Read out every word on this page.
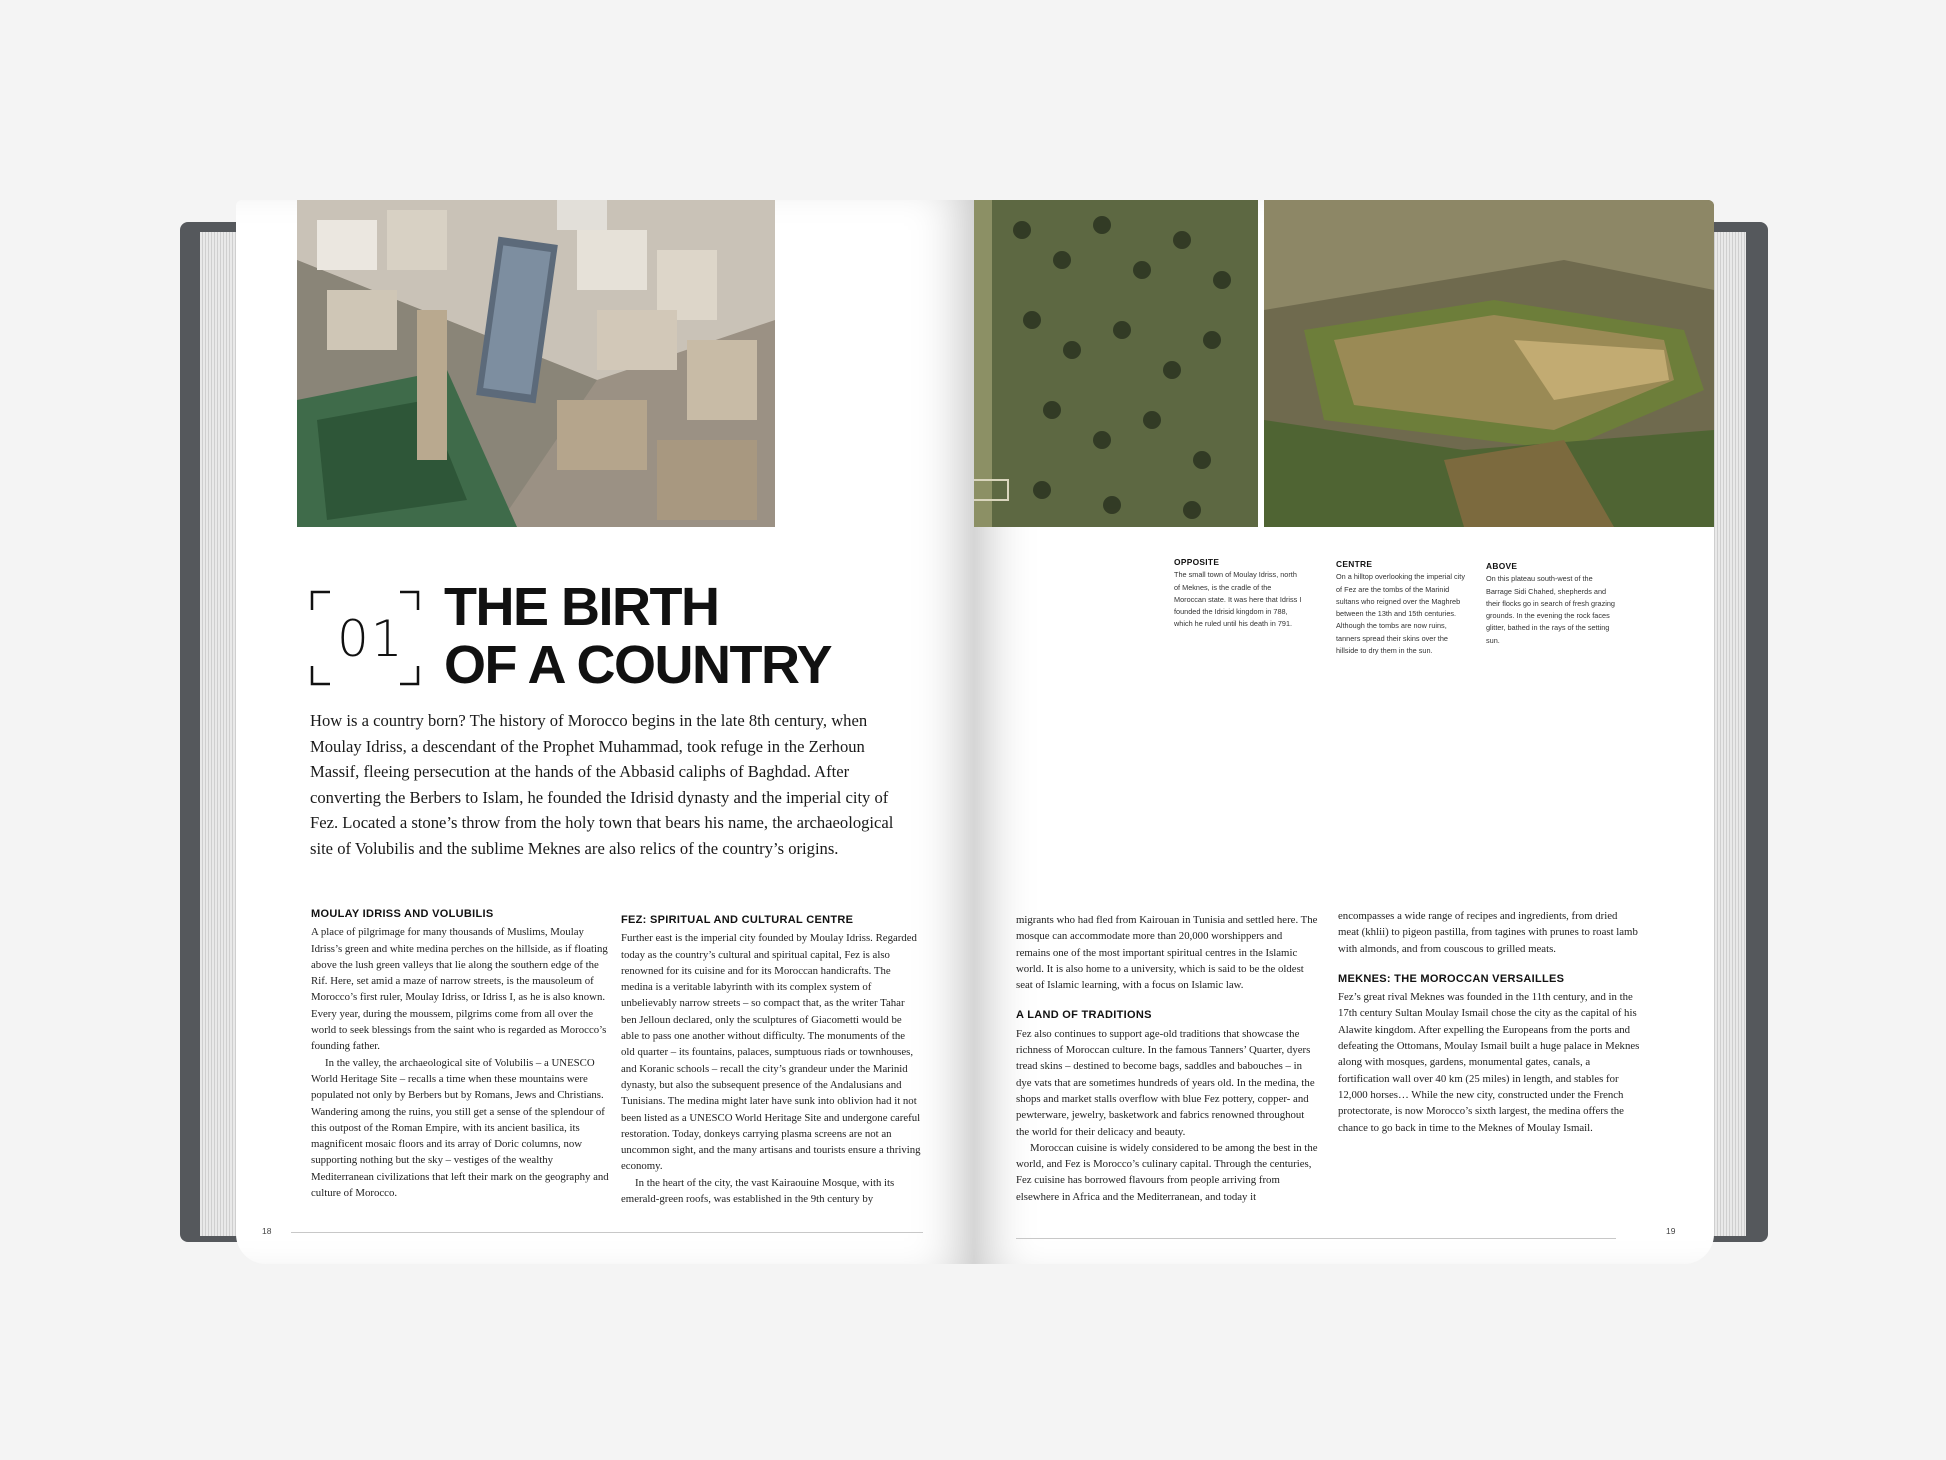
01
THE BIRTH
OF A COUNTRY
How is a country born? The history of Morocco begins in the late 8th century, when Moulay Idriss, a descendant of the Prophet Muhammad, took refuge in the Zerhoun Massif, fleeing persecution at the hands of the Abbasid caliphs of Baghdad. After converting the Berbers to Islam, he founded the Idrisid dynasty and the imperial city of Fez. Located a stone’s throw from the holy town that bears his name, the archaeological site of Volubilis and the sublime Meknes are also relics of the country’s origins.
MOULAY IDRISS AND VOLUBILIS

A place of pilgrimage for many thousands of Muslims, Moulay Idriss’s green and white medina perches on the hillside, as if floating above the lush green valleys that lie along the southern edge of the Rif. Here, set amid a maze of narrow streets, is the mausoleum of Morocco’s first ruler, Moulay Idriss, or Idriss I, as he is also known. Every year, during the moussem, pilgrims come from all over the world to seek blessings from the saint who is regarded as Morocco’s founding father.

In the valley, the archaeological site of Volubilis – a UNESCO World Heritage Site – recalls a time when these mountains were populated not only by Berbers but by Romans, Jews and Christians. Wandering among the ruins, you still get a sense of the splendour of this outpost of the Roman Empire, with its ancient basilica, its magnificent mosaic floors and its array of Doric columns, now supporting nothing but the sky – vestiges of the wealthy Mediterranean civilizations that left their mark on the geography and culture of Morocco.

FEZ: SPIRITUAL AND CULTURAL CENTRE

Further east is the imperial city founded by Moulay Idriss. Regarded today as the country’s cultural and spiritual capital, Fez is also renowned for its cuisine and for its Moroccan handicrafts. The medina is a veritable labyrinth with its complex system of unbelievably narrow streets – so compact that, as the writer Tahar ben Jelloun declared, only the sculptures of Giacometti would be able to pass one another without difficulty. The monuments of the old quarter – its fountains, palaces, sumptuous riads or townhouses, and Koranic schools – recall the city’s grandeur under the Marinid dynasty, but also the subsequent presence of the Andalusians and Tunisians. The medina might later have sunk into oblivion had it not been listed as a UNESCO World Heritage Site and undergone careful restoration. Today, donkeys carrying plasma screens are not an uncommon sight, and the many artisans and tourists ensure a thriving economy.

In the heart of the city, the vast Kairaouine Mosque, with its emerald-green roofs, was established in the 9th century by

18
OPPOSITE
The small town of Moulay Idriss, north of Meknes, is the cradle of the Moroccan state. It was here that Idriss I founded the Idrisid kingdom in 788, which he ruled until his death in 791.
CENTRE
On a hilltop overlooking the imperial city of Fez are the tombs of the Marinid sultans who reigned over the Maghreb between the 13th and 15th centuries. Although the tombs are now ruins, tanners spread their skins over the hillside to dry them in the sun.
ABOVE
On this plateau south-west of the Barrage Sidi Chahed, shepherds and their flocks go in search of fresh grazing grounds. In the evening the rock faces glitter, bathed in the rays of the setting sun.

migrants who had fled from Kairouan in Tunisia and settled here. The mosque can accommodate more than 20,000 worshippers and remains one of the most important spiritual centres in the Islamic world. It is also home to a university, which is said to be the oldest seat of Islamic learning, with a focus on Islamic law.

A LAND OF TRADITIONS

Fez also continues to support age-old traditions that showcase the richness of Moroccan culture. In the famous Tanners’ Quarter, dyers tread skins – destined to become bags, saddles and babouches – in dye vats that are sometimes hundreds of years old. In the medina, the shops and market stalls overflow with blue Fez pottery, copper- and pewterware, jewelry, basketwork and fabrics renowned throughout the world for their delicacy and beauty.

Moroccan cuisine is widely considered to be among the best in the world, and Fez is Morocco’s culinary capital. Through the centuries, Fez cuisine has borrowed flavours from people arriving from elsewhere in Africa and the Mediterranean, and today it

encompasses a wide range of recipes and ingredients, from dried meat (khlii) to pigeon pastilla, from tagines with prunes to roast lamb with almonds, and from couscous to grilled meats.

MEKNES: THE MOROCCAN VERSAILLES

Fez’s great rival Meknes was founded in the 11th century, and in the 17th century Sultan Moulay Ismail chose the city as the capital of his Alawite kingdom. After expelling the Europeans from the ports and defeating the Ottomans, Moulay Ismail built a huge palace in Meknes along with mosques, gardens, monumental gates, canals, a fortification wall over 40 km (25 miles) in length, and stables for 12,000 horses… While the new city, constructed under the French protectorate, is now Morocco’s sixth largest, the medina offers the chance to go back in time to the Meknes of Moulay Ismail.

19
